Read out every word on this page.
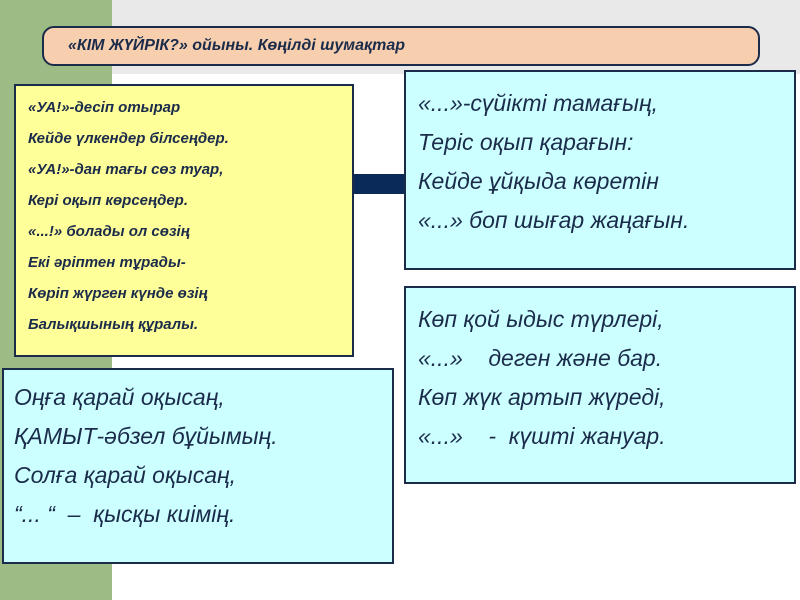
«КІМ ЖҮЙРІК?» ойыны. Көңілді шумақтар
«УА!»-десіп отырар
Кейде үлкендер білсеңдер.
«УА!»-дан тағы сөз туар,
Кері оқып көрсеңдер.
«...!» болады ол сөзің
Екі әріптен тұрады-
Көріп жүрген күнде өзің
Балықшының құралы.
«...»-сүйікті тамағың,
Теріс оқып қарағын:
Кейде ұйқыда көретін
«...» боп шығар жаңағын.
Көп қой ыдыс түрлері,
«...»    деген және бар.
Көп жүк артып жүреді,
«...»    -  күшті жануар.
Оңға қарай оқысаң,
ҚАМЫТ-әбзел бұйымың.
Солға қарай оқысаң,
“... “  –  қысқы киімің.
